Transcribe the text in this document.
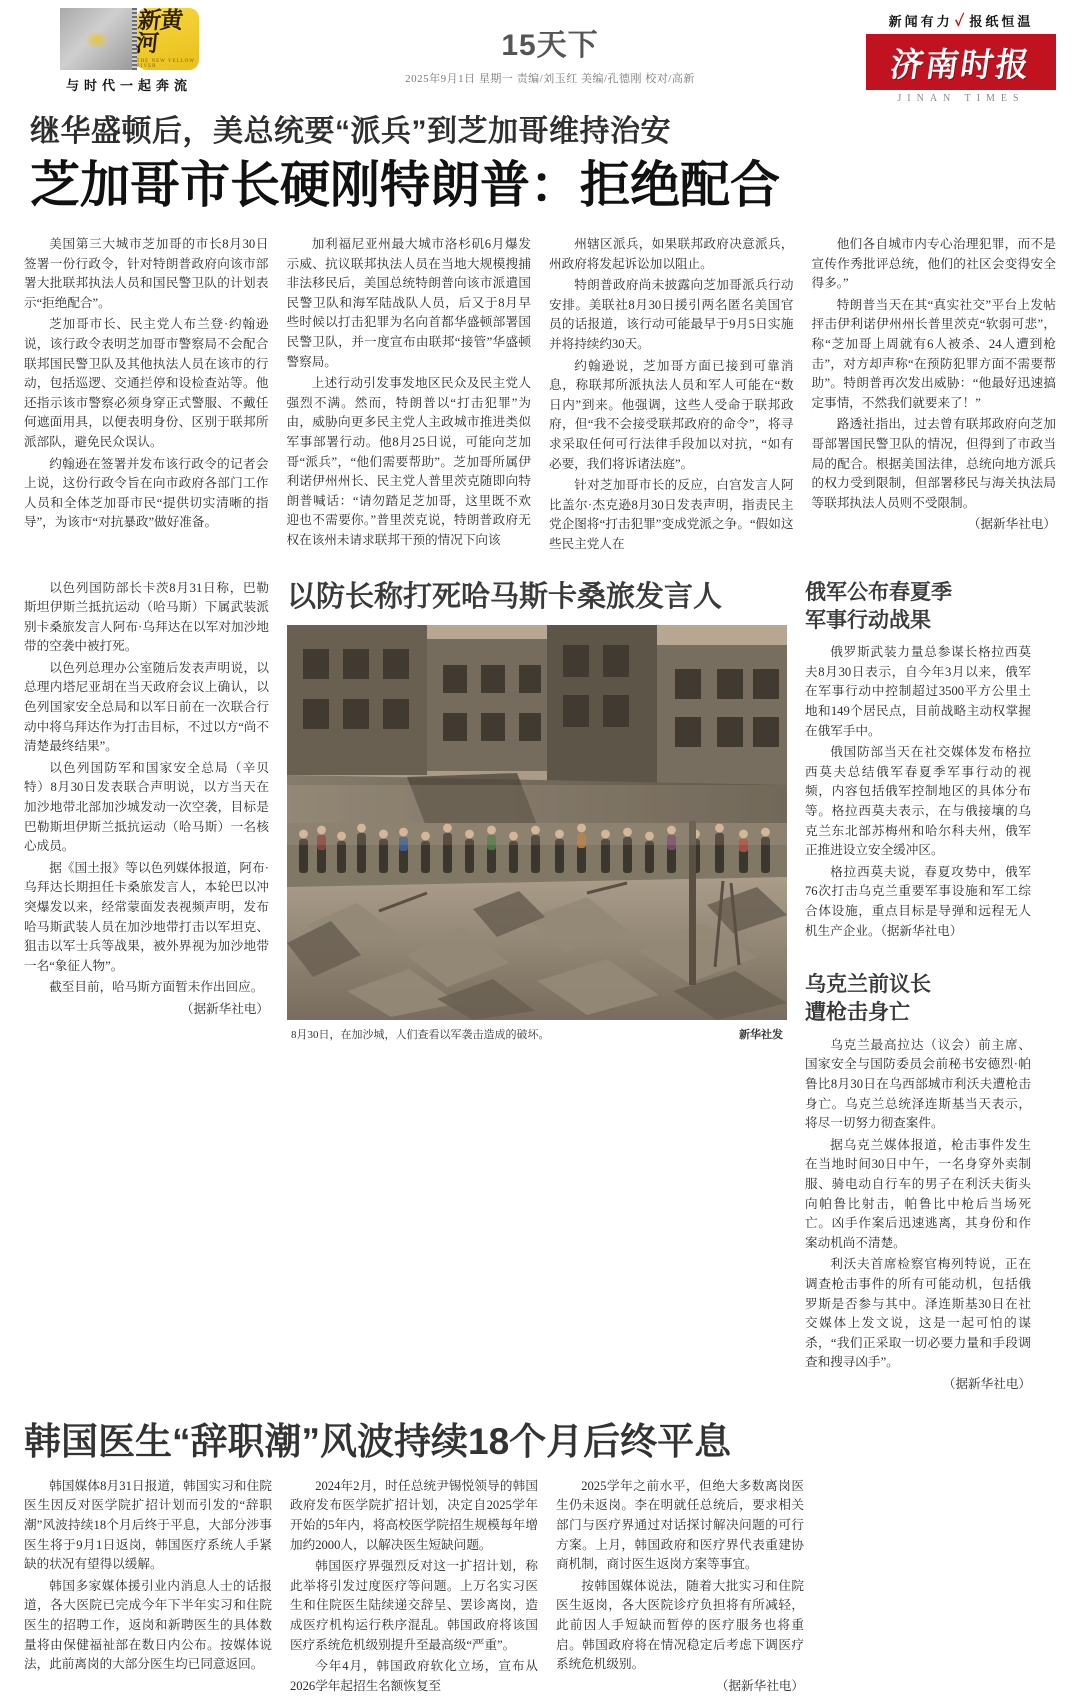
新黄河
THE NEW YELLOW RIVER
与时代一起奔流
15天下
2025年9月1日 星期一 责编/刘玉红 美编/孔德刚 校对/高新
新闻有力 ✓ 报纸恒温
济南时报
JINAN TIMES
继华盛顿后，美总统要“派兵”到芝加哥维持治安
芝加哥市长硬刚特朗普：拒绝配合

美国第三大城市芝加哥的市长8月30日签署一份行政令，针对特朗普政府向该市部署大批联邦执法人员和国民警卫队的计划表示“拒绝配合”。

芝加哥市长、民主党人布兰登·约翰逊说，该行政令表明芝加哥市警察局不会配合联邦国民警卫队及其他执法人员在该市的行动，包括巡逻、交通拦停和设检查站等。他还指示该市警察必须身穿正式警服、不戴任何遮面用具，以便表明身份、区别于联邦所派部队，避免民众误认。

约翰逊在签署并发布该行政令的记者会上说，这份行政令旨在向市政府各部门工作人员和全体芝加哥市民“提供切实清晰的指导”，为该市“对抗暴政”做好准备。

加利福尼亚州最大城市洛杉矶6月爆发示威、抗议联邦执法人员在当地大规模搜捕非法移民后，美国总统特朗普向该市派遣国民警卫队和海军陆战队人员，后又于8月早些时候以打击犯罪为名向首都华盛顿部署国民警卫队，并一度宣布由联邦“接管”华盛顿警察局。

上述行动引发事发地区民众及民主党人强烈不满。然而，特朗普以“打击犯罪”为由，威胁向更多民主党人主政城市推进类似军事部署行动。他8月25日说，可能向芝加哥“派兵”，“他们需要帮助”。芝加哥所属伊利诺伊州州长、民主党人普里茨克随即向特朗普喊话：“请勿踏足芝加哥，这里既不欢迎也不需要你。”普里茨克说，特朗普政府无权在该州未请求联邦干预的情况下向该

州辖区派兵，如果联邦政府决意派兵，州政府将发起诉讼加以阻止。

特朗普政府尚未披露向芝加哥派兵行动安排。美联社8月30日援引两名匿名美国官员的话报道，该行动可能最早于9月5日实施并将持续约30天。

约翰逊说，芝加哥方面已接到可靠消息，称联邦所派执法人员和军人可能在“数日内”到来。他强调，这些人受命于联邦政府，但“我不会接受联邦政府的命令”，将寻求采取任何可行法律手段加以对抗，“如有必要，我们将诉诸法庭”。

针对芝加哥市长的反应，白宫发言人阿比盖尔·杰克逊8月30日发表声明，指责民主党企图将“打击犯罪”变成党派之争。“假如这些民主党人在

他们各自城市内专心治理犯罪，而不是宣传作秀批评总统，他们的社区会变得安全得多。”

特朗普当天在其“真实社交”平台上发帖抨击伊利诺伊州州长普里茨克“软弱可悲”，称“芝加哥上周就有6人被杀、24人遭到枪击”，对方却声称“在预防犯罪方面不需要帮助”。特朗普再次发出威胁：“他最好迅速搞定事情，不然我们就要来了！”

路透社指出，过去曾有联邦政府向芝加哥部署国民警卫队的情况，但得到了市政当局的配合。根据美国法律，总统向地方派兵的权力受到限制，但部署移民与海关执法局等联邦执法人员则不受限制。

（据新华社电）

以色列国防部长卡茨8月31日称，巴勒斯坦伊斯兰抵抗运动（哈马斯）下属武装派别卡桑旅发言人阿布·乌拜达在以军对加沙地带的空袭中被打死。

以色列总理办公室随后发表声明说，以总理内塔尼亚胡在当天政府会议上确认，以色列国家安全总局和以军日前在一次联合行动中将乌拜达作为打击目标，不过以方“尚不清楚最终结果”。

以色列国防军和国家安全总局（辛贝特）8月30日发表联合声明说，以方当天在加沙地带北部加沙城发动一次空袭，目标是巴勒斯坦伊斯兰抵抗运动（哈马斯）一名核心成员。

据《国土报》等以色列媒体报道，阿布·乌拜达长期担任卡桑旅发言人，本轮巴以冲突爆发以来，经常蒙面发表视频声明，发布哈马斯武装人员在加沙地带打击以军坦克、狙击以军士兵等战果，被外界视为加沙地带一名“象征人物”。

截至目前，哈马斯方面暂未作出回应。

（据新华社电）

以防长称打死哈马斯卡桑旅发言人
8月30日，在加沙城，人们查看以军袭击造成的破坏。	新华社发
俄军公布春夏季
军事行动战果

俄罗斯武装力量总参谋长格拉西莫夫8月30日表示，自今年3月以来，俄军在军事行动中控制超过3500平方公里土地和149个居民点，目前战略主动权掌握在俄军手中。

俄国防部当天在社交媒体发布格拉西莫夫总结俄军春夏季军事行动的视频，内容包括俄军控制地区的具体分布等。格拉西莫夫表示，在与俄接壤的乌克兰东北部苏梅州和哈尔科夫州，俄军正推进设立安全缓冲区。

格拉西莫夫说，春夏攻势中，俄军76次打击乌克兰重要军事设施和军工综合体设施，重点目标是导弹和远程无人机生产企业。（据新华社电）

乌克兰前议长
遭枪击身亡

乌克兰最高拉达（议会）前主席、国家安全与国防委员会前秘书安德烈·帕鲁比8月30日在乌西部城市利沃夫遭枪击身亡。乌克兰总统泽连斯基当天表示，将尽一切努力彻查案件。

据乌克兰媒体报道，枪击事件发生在当地时间30日中午，一名身穿外卖制服、骑电动自行车的男子在利沃夫街头向帕鲁比射击，帕鲁比中枪后当场死亡。凶手作案后迅速逃离，其身份和作案动机尚不清楚。

利沃夫首席检察官梅列特说，正在调查枪击事件的所有可能动机，包括俄罗斯是否参与其中。泽连斯基30日在社交媒体上发文说，这是一起可怕的谋杀，“我们正采取一切必要力量和手段调查和搜寻凶手”。

（据新华社电）

韩国医生“辞职潮”风波持续18个月后终平息

韩国媒体8月31日报道，韩国实习和住院医生因反对医学院扩招计划而引发的“辞职潮”风波持续18个月后终于平息，大部分涉事医生将于9月1日返岗，韩国医疗系统人手紧缺的状况有望得以缓解。

韩国多家媒体援引业内消息人士的话报道，各大医院已完成今年下半年实习和住院医生的招聘工作，返岗和新聘医生的具体数量将由保健福祉部在数日内公布。按媒体说法，此前离岗的大部分医生均已同意返回。

2024年2月，时任总统尹锡悦领导的韩国政府发布医学院扩招计划，决定自2025学年开始的5年内，将高校医学院招生规模每年增加约2000人，以解决医生短缺问题。

韩国医疗界强烈反对这一扩招计划，称此举将引发过度医疗等问题。上万名实习医生和住院医生陆续递交辞呈、罢诊离岗，造成医疗机构运行秩序混乱。韩国政府将该国医疗系统危机级别提升至最高级“严重”。

今年4月，韩国政府软化立场，宣布从2026学年起招生名额恢复至

2025学年之前水平，但绝大多数离岗医生仍未返岗。李在明就任总统后，要求相关部门与医疗界通过对话探讨解决问题的可行方案。上月，韩国政府和医疗界代表重建协商机制，商讨医生返岗方案等事宜。

按韩国媒体说法，随着大批实习和住院医生返岗，各大医院诊疗负担将有所减轻，此前因人手短缺而暂停的医疗服务也将重启。韩国政府将在情况稳定后考虑下调医疗系统危机级别。

（据新华社电）
